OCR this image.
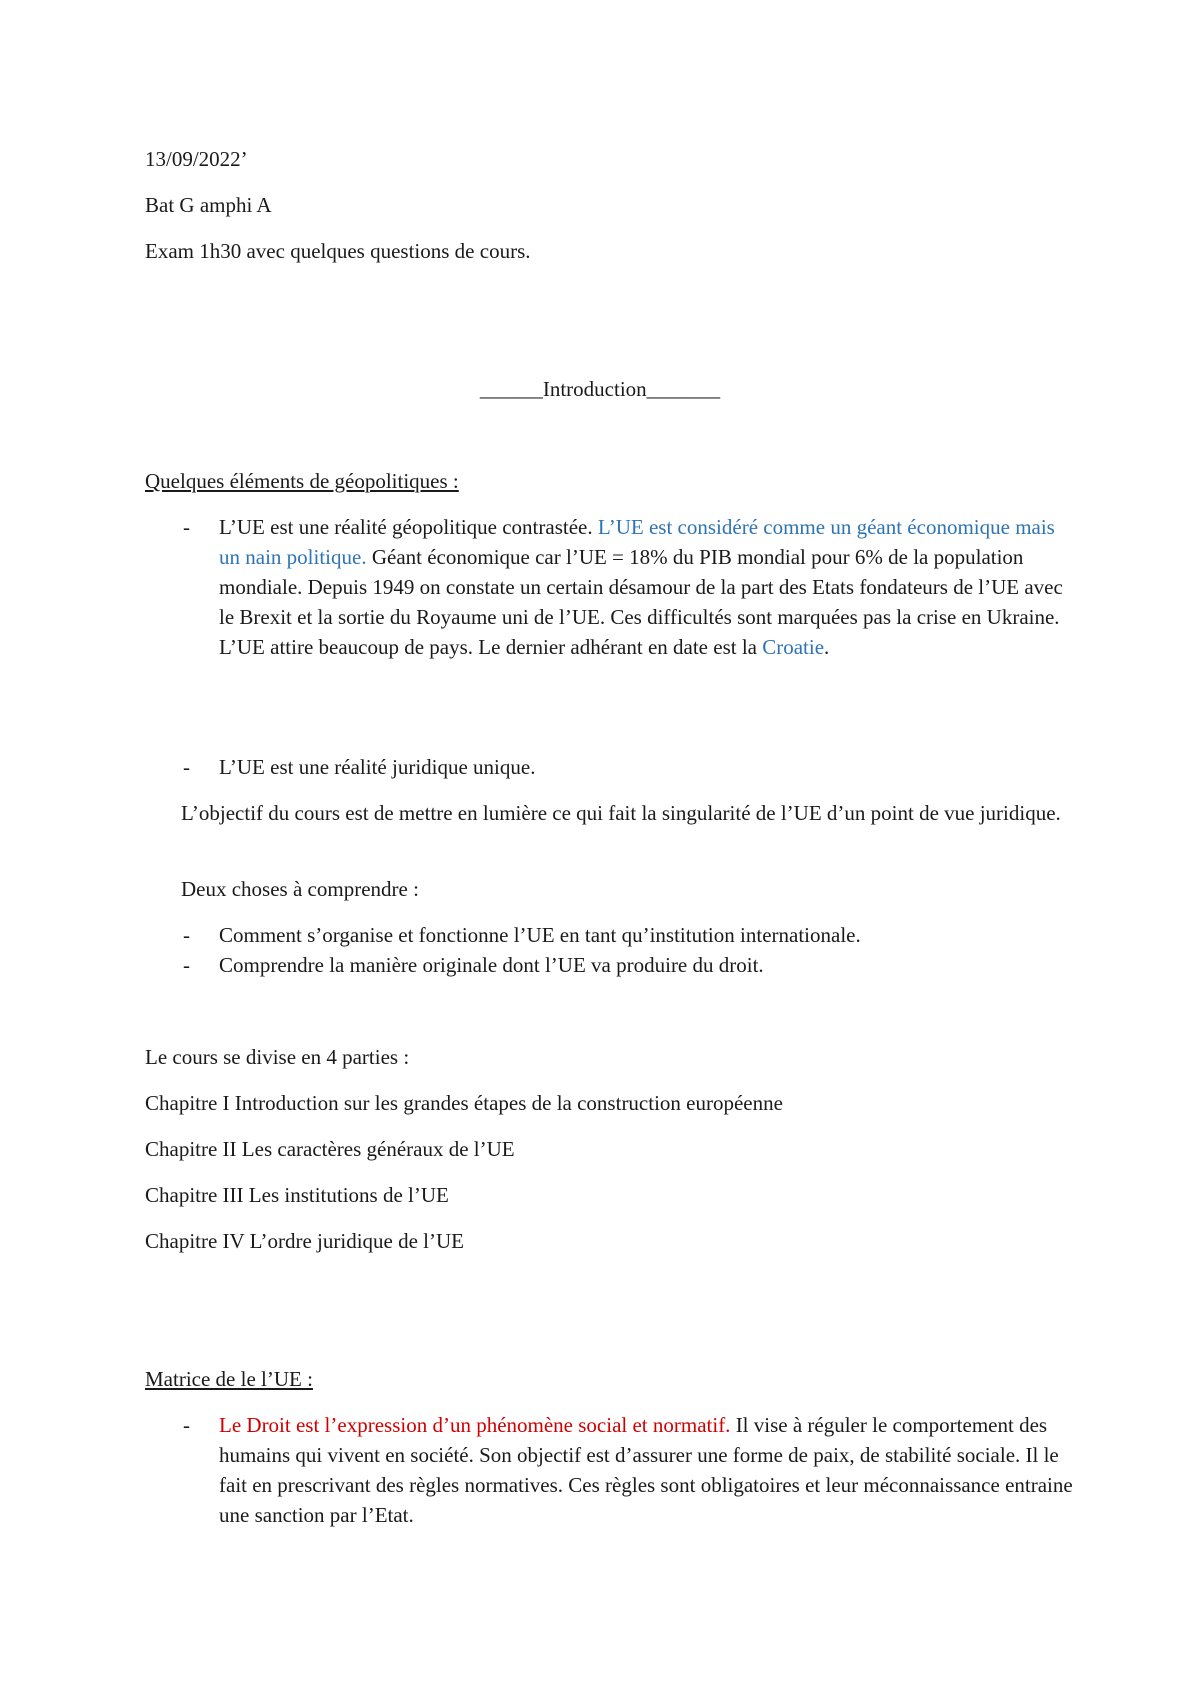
13/09/2022’

Bat G amphi A

Exam 1h30 avec quelques questions de cours.

______Introduction_______

Quelques éléments de géopolitiques :

- L’UE est une réalité géopolitique contrastée. L’UE est considéré comme un géant économique mais un nain politique. Géant économique car l’UE = 18% du PIB mondial pour 6% de la population mondiale. Depuis 1949 on constate un certain désamour de la part des Etats fondateurs de l’UE avec le Brexit et la sortie du Royaume uni de l’UE. Ces difficultés sont marquées pas la crise en Ukraine. L’UE attire beaucoup de pays. Le dernier adhérant en date est la Croatie.
- L’UE est une réalité juridique unique.

L’objectif du cours est de mettre en lumière ce qui fait la singularité de l’UE d’un point de vue juridique.

Deux choses à comprendre :

- Comment s’organise et fonctionne l’UE en tant qu’institution internationale.
- Comprendre la manière originale dont l’UE va produire du droit.

Le cours se divise en 4 parties :

Chapitre I Introduction sur les grandes étapes de la construction européenne

Chapitre II Les caractères généraux de l’UE

Chapitre III Les institutions de l’UE

Chapitre IV L’ordre juridique de l’UE

Matrice de le l’UE :

- Le Droit est l’expression d’un phénomène social et normatif. Il vise à réguler le comportement des humains qui vivent en société. Son objectif est d’assurer une forme de paix, de stabilité sociale. Il le fait en prescrivant des règles normatives. Ces règles sont obligatoires et leur méconnaissance entraine une sanction par l’Etat.
